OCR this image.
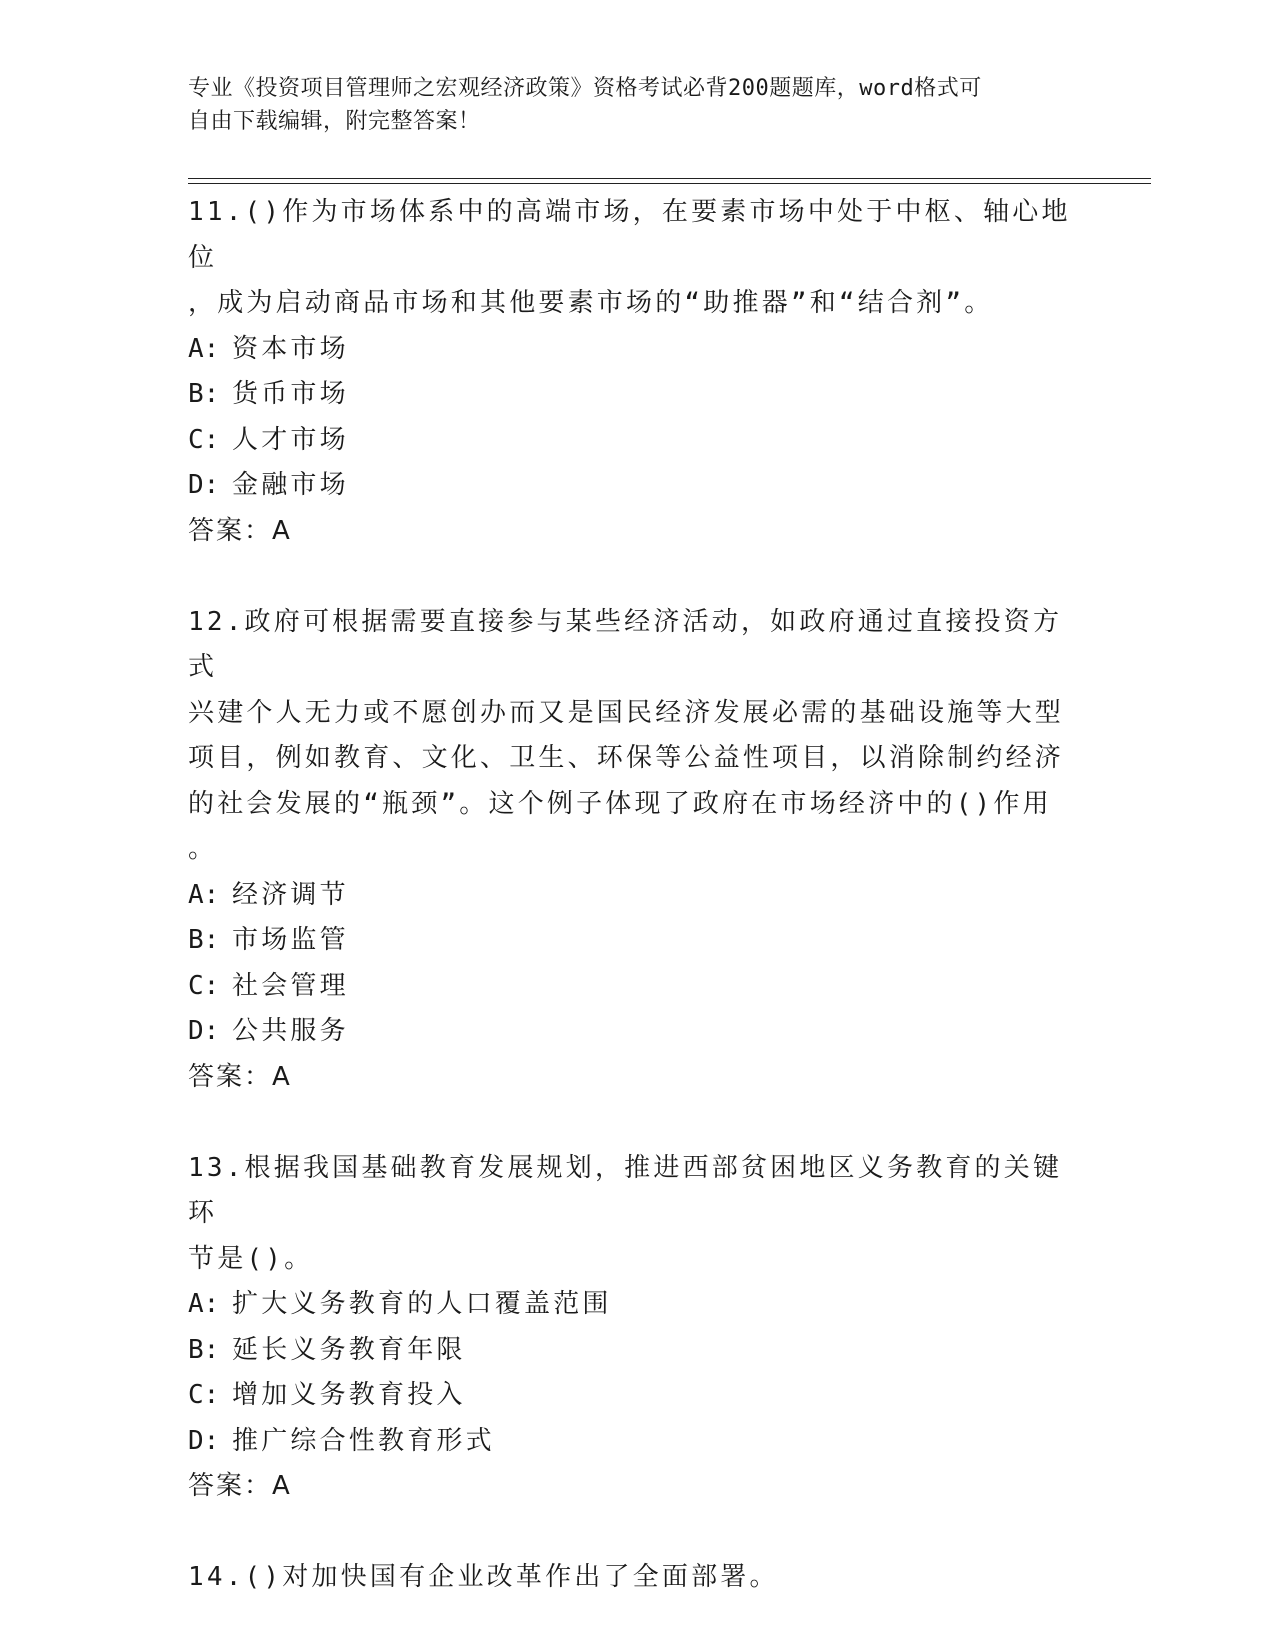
专业《投资项目管理师之宏观经济政策》资格考试必背200题题库，word格式可
自由下载编辑，附完整答案！

11.()作为市场体系中的高端市场，在要素市场中处于中枢、轴心地位

，成为启动商品市场和其他要素市场的“助推器”和“结合剂”。

A: 资本市场

B: 货币市场

C: 人才市场

D: 金融市场

答案：A

12.政府可根据需要直接参与某些经济活动，如政府通过直接投资方式

兴建个人无力或不愿创办而又是国民经济发展必需的基础设施等大型

项目，例如教育、文化、卫生、环保等公益性项目，以消除制约经济

的社会发展的“瓶颈”。这个例子体现了政府在市场经济中的()作用

。

A: 经济调节

B: 市场监管

C: 社会管理

D: 公共服务

答案：A

13.根据我国基础教育发展规划，推进西部贫困地区义务教育的关键环

节是()。

A: 扩大义务教育的人口覆盖范围

B: 延长义务教育年限

C: 增加义务教育投入

D: 推广综合性教育形式

答案：A

14.()对加快国有企业改革作出了全面部署。
